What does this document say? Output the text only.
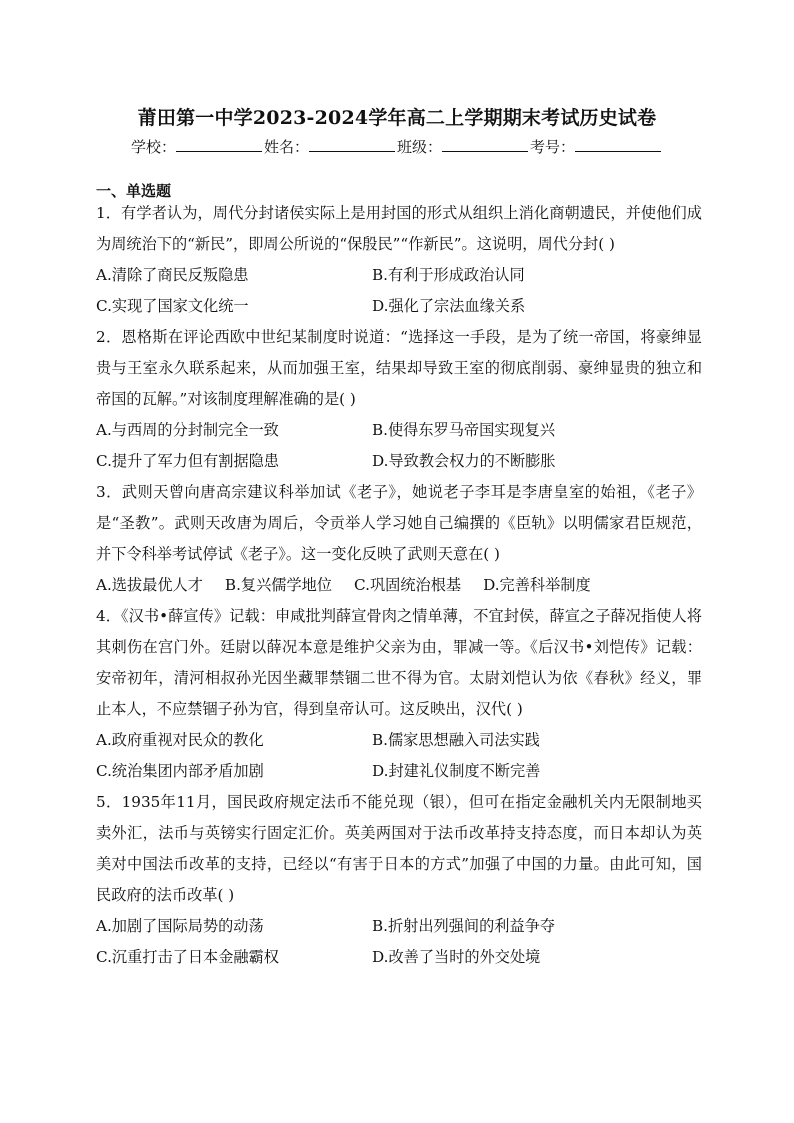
莆田第一中学2023-2024学年高二上学期期末考试历史试卷
学校：	姓名：	班级：	考号：
一、单选题
1．有学者认为，周代分封诸侯实际上是用封国的形式从组织上消化商朝遗民，并使他们成为周统治下的“新民”，即周公所说的“保殷民”“作新民”。这说明，周代分封( )
A.清除了商民反叛隐患	B.有利于形成政治认同
C.实现了国家文化统一	D.强化了宗法血缘关系
2．恩格斯在评论西欧中世纪某制度时说道：“选择这一手段，是为了统一帝国，将豪绅显贵与王室永久联系起来，从而加强王室，结果却导致王室的彻底削弱、豪绅显贵的独立和帝国的瓦解。”对该制度理解准确的是( )
A.与西周的分封制完全一致	B.使得东罗马帝国实现复兴
C.提升了军力但有割据隐患	D.导致教会权力的不断膨胀
3．武则天曾向唐高宗建议科举加试《老子》，她说老子李耳是李唐皇室的始祖，《老子》是“圣教”。武则天改唐为周后，令贡举人学习她自己编撰的《臣轨》以明儒家君臣规范，并下令科举考试停试《老子》。这一变化反映了武则天意在( )
A.选拔最优人才 B.复兴儒学地位 C.巩固统治根基 D.完善科举制度
4．《汉书•薛宣传》记载：申咸批判薛宣骨肉之情单薄，不宜封侯，薛宣之子薛况指使人将其刺伤在宫门外。廷尉以薛况本意是维护父亲为由，罪减一等。《后汉书•刘恺传》记载：安帝初年，清河相叔孙光因坐藏罪禁锢二世不得为官。太尉刘恺认为依《春秋》经义，罪止本人，不应禁锢子孙为官，得到皇帝认可。这反映出，汉代( )
A.政府重视对民众的教化	B.儒家思想融入司法实践
C.统治集团内部矛盾加剧	D.封建礼仪制度不断完善
5．1935年11月，国民政府规定法币不能兑现（银），但可在指定金融机关内无限制地买卖外汇，法币与英镑实行固定汇价。英美两国对于法币改革持支持态度，而日本却认为英美对中国法币改革的支持，已经以“有害于日本的方式”加强了中国的力量。由此可知，国民政府的法币改革( )
A.加剧了国际局势的动荡	B.折射出列强间的利益争夺
C.沉重打击了日本金融霸权	D.改善了当时的外交处境
